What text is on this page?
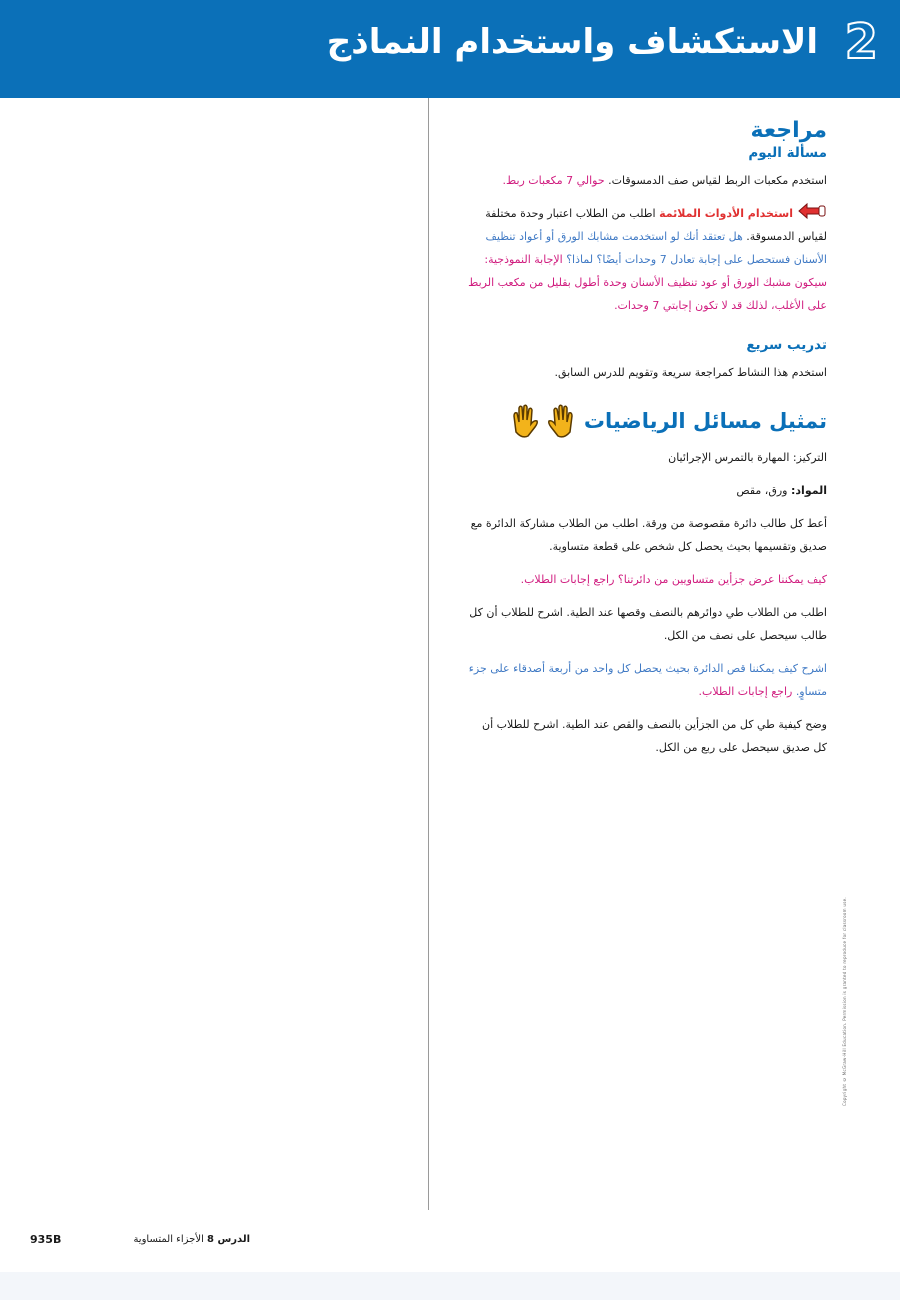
الاستكشاف واستخدام النماذج 2
مراجعة
مسألة اليوم

استخدم مكعبات الربط لقياس صف الدمسوقات. حوالي 7 مكعبات ربط.

استخدام الأدوات الملائمة اطلب من الطلاب اعتبار وحدة مختلفة لقياس الدمسوقة. هل تعتقد أنك لو استخدمت مشابك الورق أو أعواد تنظيف الأسنان فستحصل على إجابة تعادل 7 وحدات أيضًا؟ لماذا؟ الإجابة النموذجية: سيكون مشبك الورق أو عود تنظيف الأسنان وحدة أطول بقليل من مكعب الربط على الأغلب، لذلك قد لا تكون إجابتي 7 وحدات.

تدريب سريع

استخدم هذا النشاط كمراجعة سريعة وتقويم للدرس السابق.

تمثيل مسائل الرياضيات

التركيز: المهارة بالتمرس الإجرائيان

المواد: ورق، مقص

أعط كل طالب دائرة مقصوصة من ورقة. اطلب من الطلاب مشاركة الدائرة مع صديق وتقسيمها بحيث يحصل كل شخص على قطعة متساوية.

كيف يمكننا عرض جزأين متساويين من دائرتنا؟ راجع إجابات الطلاب.

اطلب من الطلاب طي دوائرهم بالنصف وقصها عند الطية. اشرح للطلاب أن كل طالب سيحصل على نصف من الكل.

اشرح كيف يمكننا قص الدائرة بحيث يحصل كل واحد من أربعة أصدقاء على جزء متساوٍ. راجع إجابات الطلاب.

وضح كيفية طي كل من الجزأين بالنصف والقص عند الطية. اشرح للطلاب أن كل صديق سيحصل على ربع من الكل.

Copyright © McGraw-Hill Education. Permission is granted to reproduce for classroom use.
935B	الدرس 8 الأجزاء المتساوية
